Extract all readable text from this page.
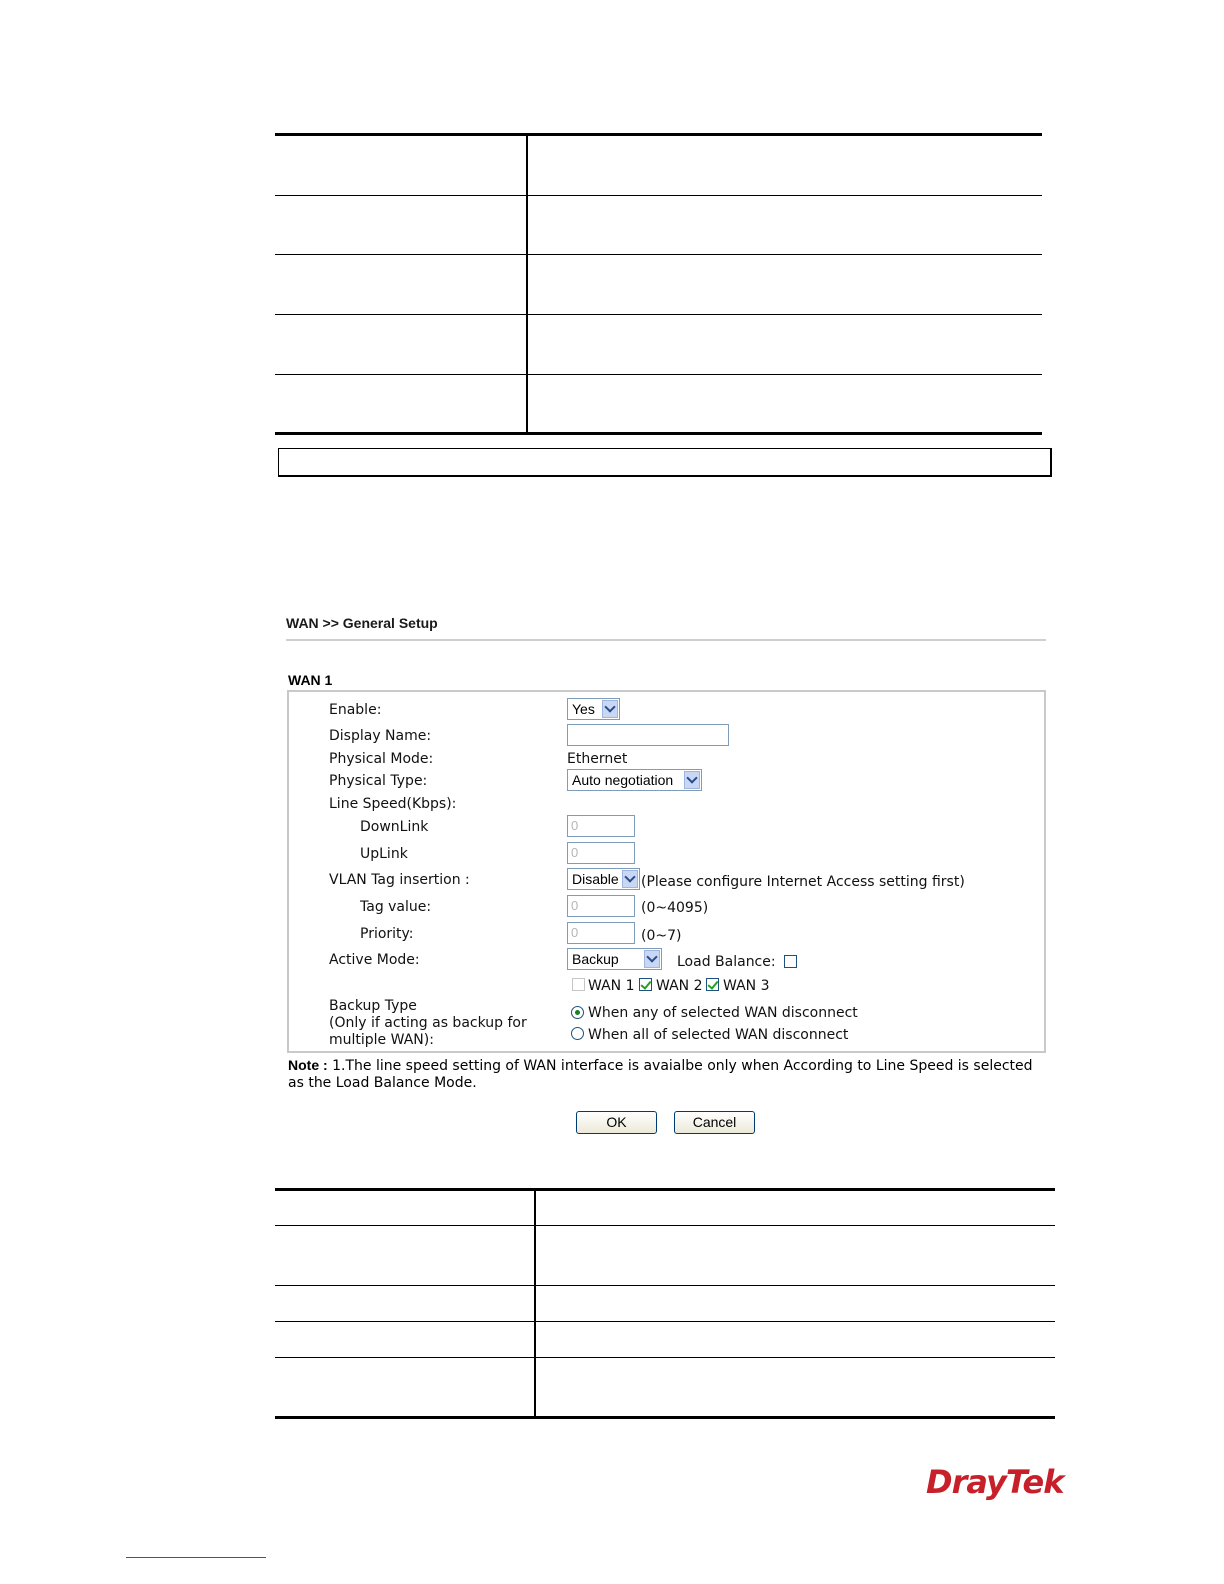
WAN >> General Setup
WAN 1
Enable:	Yes
Display Name:
Physical Mode:	Ethernet
Physical Type:	Auto negotiation
Line Speed(Kbps):
DownLink	0
UpLink	0
VLAN Tag insertion :	Disable (Please configure Internet Access setting first)
Tag value:	0	(0~4095)
Priority:	0	(0~7)
Active Mode:	Backup	Load Balance:
WAN 1 WAN 2 WAN 3
Backup Type
(Only if acting as backup for
multiple WAN):
When any of selected WAN disconnect
When all of selected WAN disconnect
Note : 1.The line speed setting of WAN interface is avaialbe only when According to Line Speed is selected
as the Load Balance Mode.
OK	Cancel
DrayTek
